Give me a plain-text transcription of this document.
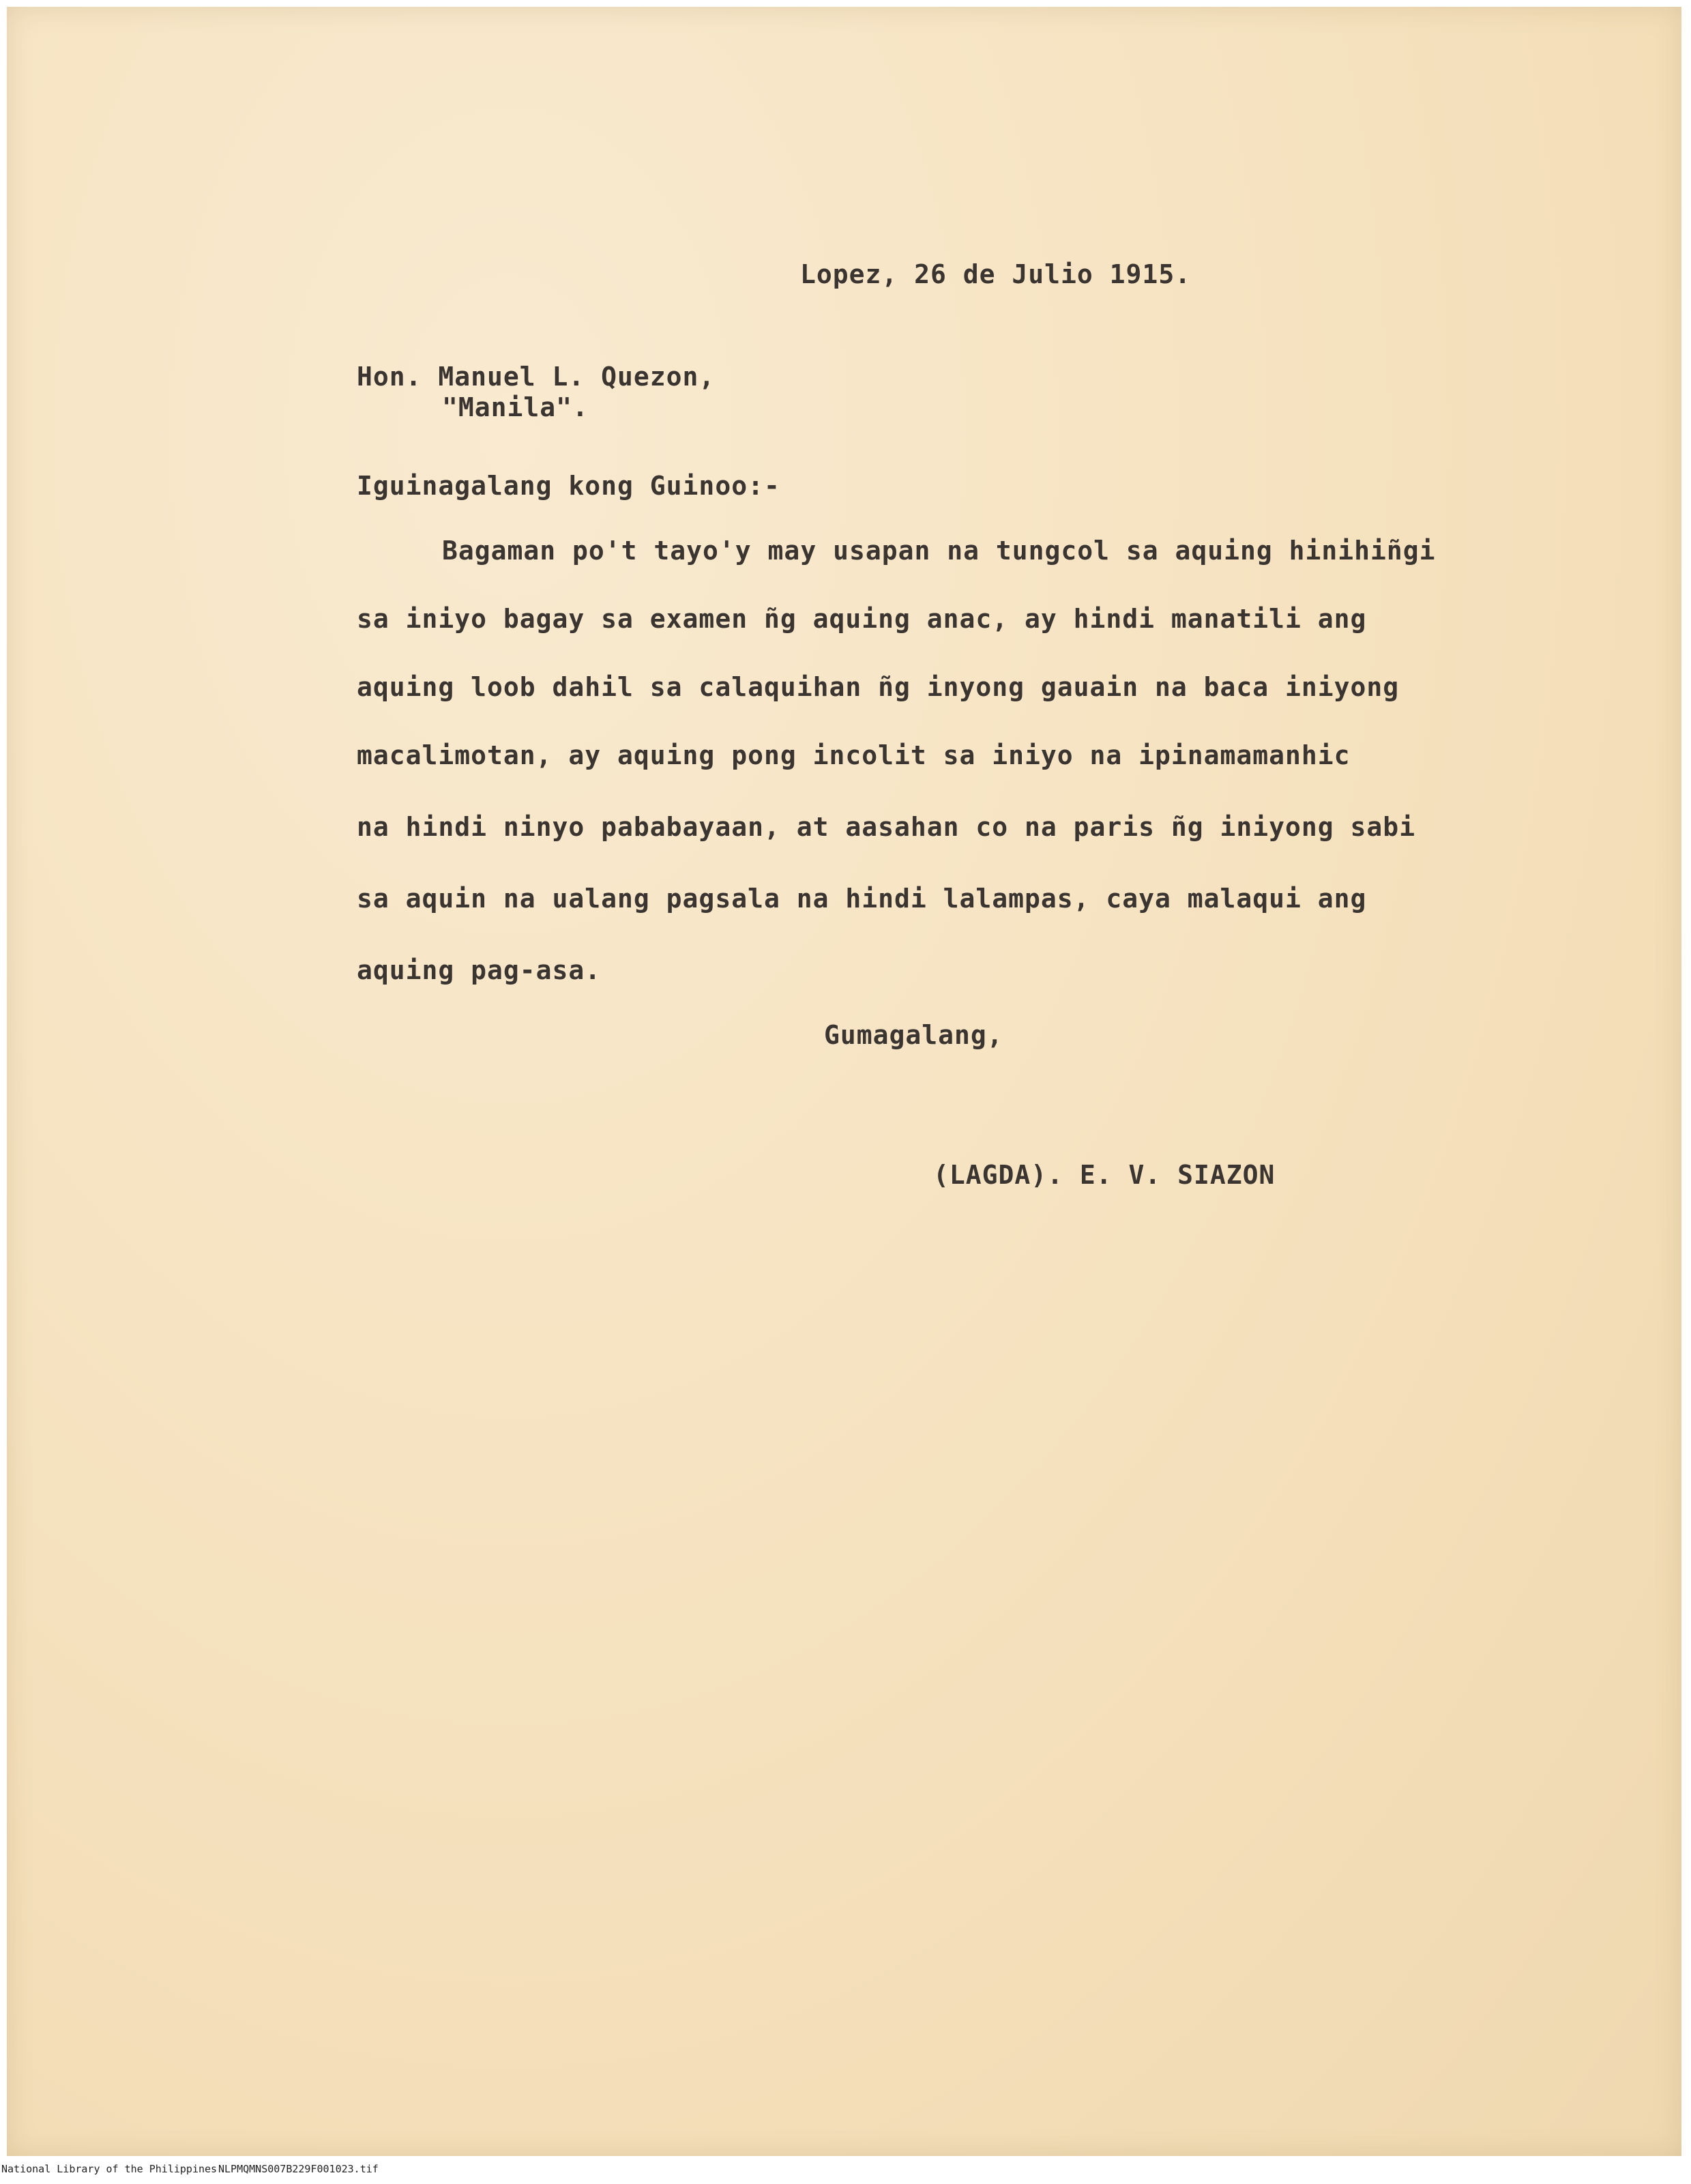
Lopez, 26 de Julio 1915.
Hon. Manuel L. Quezon,
"Manila".
Iguinagalang kong Guinoo:-
Bagaman po't tayo'y may usapan na tungcol sa aquing hinihiñgi
sa iniyo bagay sa examen ñg aquing anac, ay hindi manatili ang
aquing loob dahil sa calaquihan ñg inyong gauain na baca iniyong
macalimotan, ay aquing pong incolit sa iniyo na ipinamamanhic
na hindi ninyo pababayaan, at aasahan co na paris ñg iniyong sabi
sa aquin na ualang pagsala na hindi lalampas, caya malaqui ang
aquing pag-asa.
Gumagalang,
(LAGDA). E. V. SIAZON
National Library of the Philippines NLPMQMNS007B229F001023.tif
